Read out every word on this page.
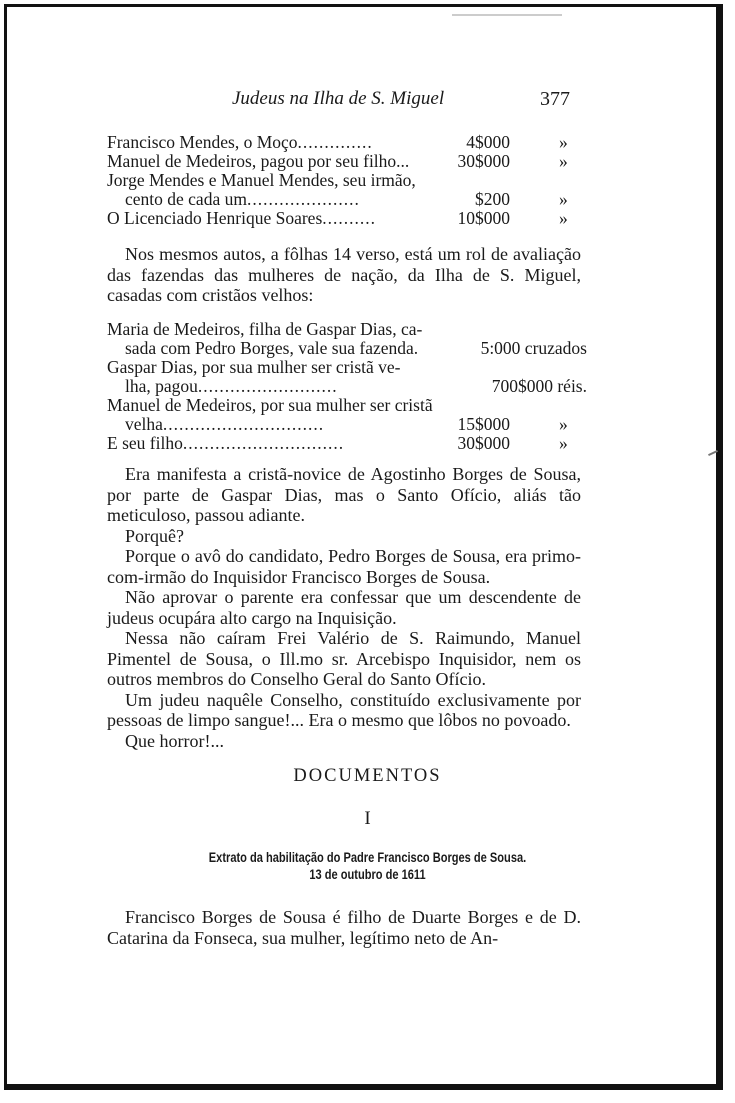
Judeus na Ilha de S. Miguel	377
Francisco Mendes, o Moço..............	4$000	»
Manuel de Medeiros, pagou por seu filho...	30$000	»
Jorge Mendes e Manuel Mendes, seu irmão,
cento de cada um.....................	$200	»
O Licenciado Henrique Soares..........	10$000	»

Nos mesmos autos, a fôlhas 14 verso, está um rol de avaliação das fazendas das mulheres de nação, da Ilha de S. Miguel, casadas com cristãos velhos:

Maria de Medeiros, filha de Gaspar Dias, ca-
sada com Pedro Borges, vale sua fazenda.	5:000 cruzados
Gaspar Dias, por sua mulher ser cristã ve-
lha, pagou..........................	700$000 réis.
Manuel de Medeiros, por sua mulher ser cristã
velha..............................	15$000	»
E seu filho..............................	30$000	»

Era manifesta a cristã-novice de Agostinho Borges de Sousa, por parte de Gaspar Dias, mas o Santo Ofício, aliás tão meticuloso, passou adiante.

Porquê?

Porque o avô do candidato, Pedro Borges de Sousa, era primo-com-irmão do Inquisidor Francisco Borges de Sousa.

Não aprovar o parente era confessar que um descendente de judeus ocupára alto cargo na Inquisição.

Nessa não caíram Frei Valério de S. Raimundo, Manuel Pimentel de Sousa, o Ill.mo sr. Arcebispo Inquisidor, nem os outros membros do Conselho Geral do Santo Ofício.

Um judeu naquêle Conselho, constituído exclusivamente por pessoas de limpo sangue!... Era o mesmo que lôbos no povoado.

Que horror!...

DOCUMENTOS
I
Extrato da habilitação do Padre Francisco Borges de Sousa.
13 de outubro de 1611

Francisco Borges de Sousa é filho de Duarte Borges e de D. Catarina da Fonseca, sua mulher, legítimo neto de An-
